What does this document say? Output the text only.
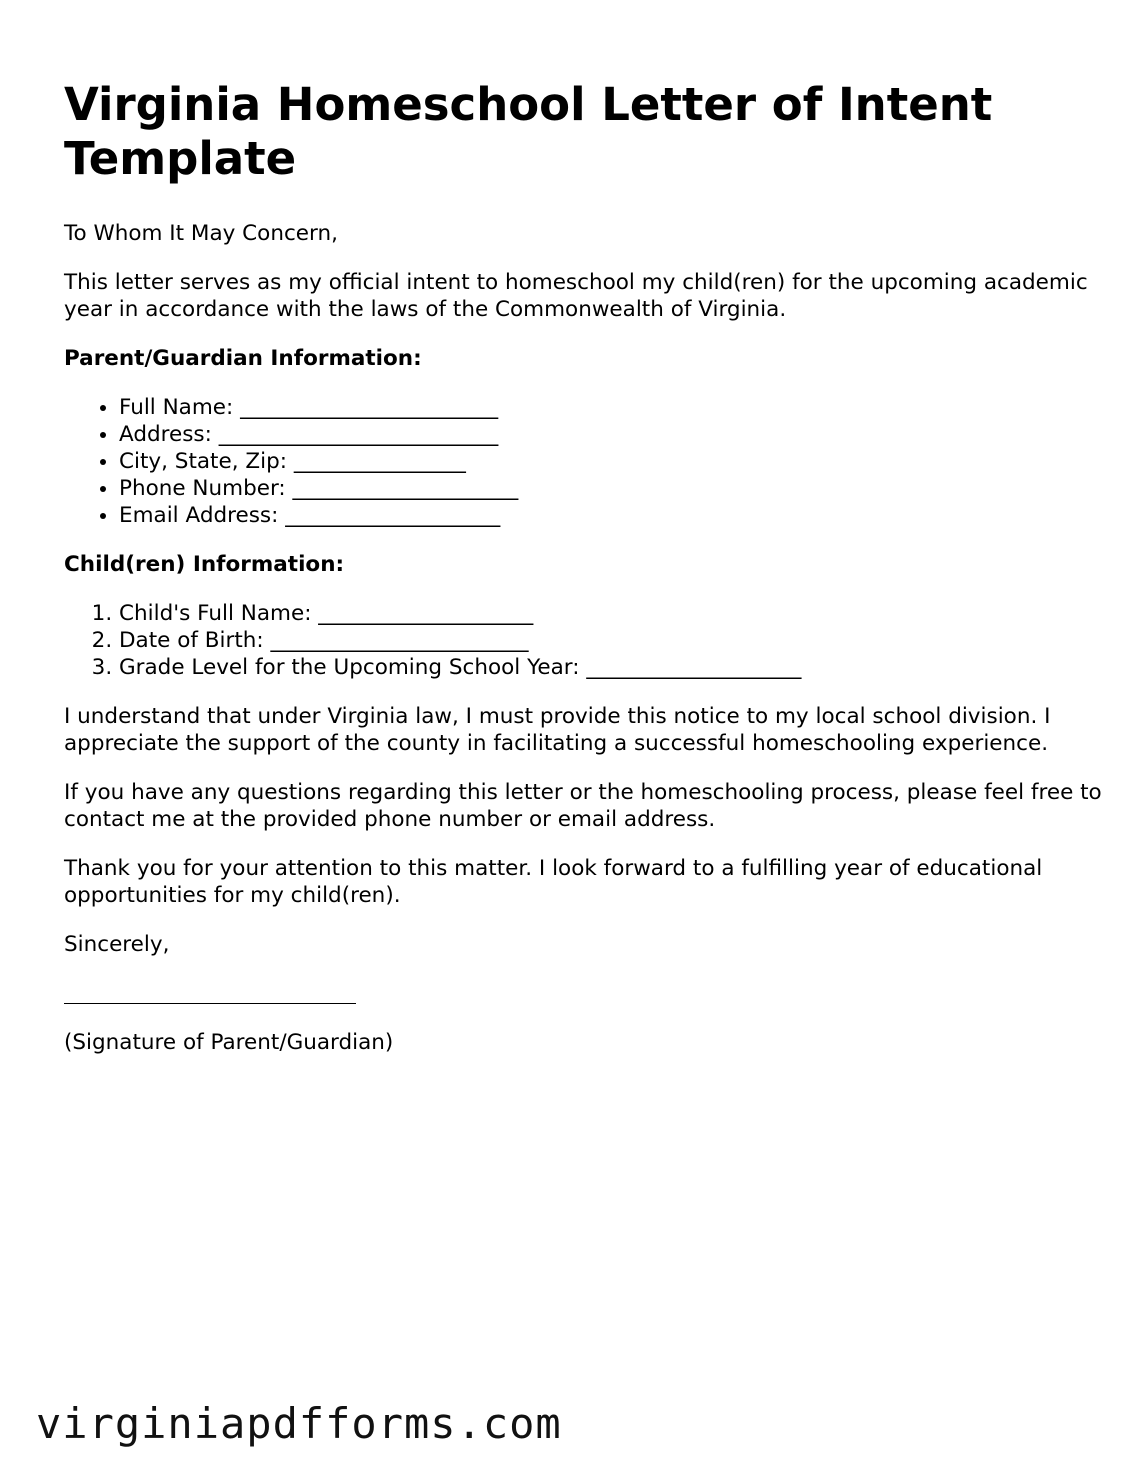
Virginia Homeschool Letter of Intent Template

To Whom It May Concern,

This letter serves as my official intent to homeschool my child(ren) for the upcoming academic year in accordance with the laws of the Commonwealth of Virginia.

Parent/Guardian Information:
• Full Name: ________________________
• Address: __________________________
• City, State, Zip: ________________
• Phone Number: _____________________
• Email Address: ____________________
Child(ren) Information:
1. Child's Full Name: ____________________
2. Date of Birth: ________________________
3. Grade Level for the Upcoming School Year: ____________________

I understand that under Virginia law, I must provide this notice to my local school division. I appreciate the support of the county in facilitating a successful homeschooling experience.

If you have any questions regarding this letter or the homeschooling process, please feel free to contact me at the provided phone number or email address.

Thank you for your attention to this matter. I look forward to a fulfilling year of educational opportunities for my child(ren).

Sincerely,

(Signature of Parent/Guardian)

virginiapdfforms.com
